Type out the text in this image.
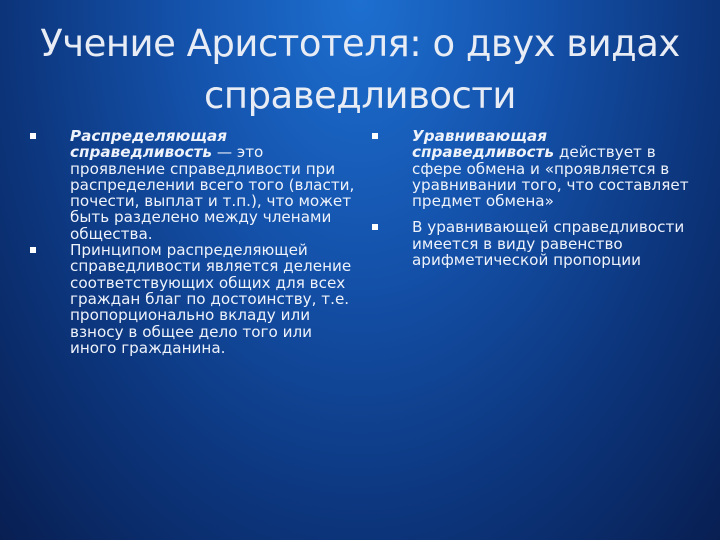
Учение Аристотеля: о двух видах
справедливости
Распределяющая справедливость — это проявление справедливости при распределении всего того (власти, почести, выплат и т.п.), что может быть разделено между членами общества.
Принципом распределяющей справедливости является деление соответствующих общих для всех граждан благ по достоинству, т.е. пропорционально вкладу или взносу в общее дело того или иного гражданина.
Уравнивающая справедливость действует в сфере обмена и «проявляется в уравнивании того, что составляет предмет обмена»
В уравнивающей справедливости имеется в виду равенство арифметической пропорции
